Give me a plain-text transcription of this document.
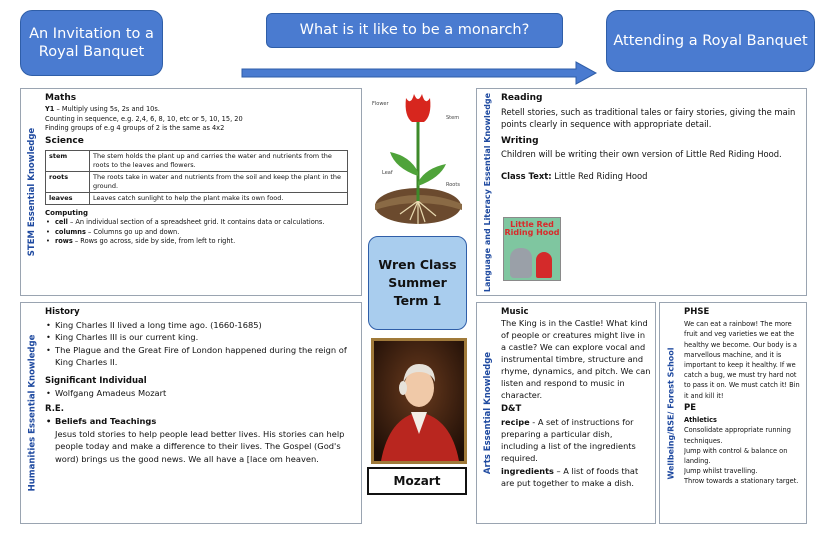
An Invitation to a Royal Banquet
What is it like to be a monarch?
Attending a Royal Banquet
STEM Essential Knowledge
Maths
Y1 – Multiply using 5s, 2s and 10s.
Counting in sequence, e.g. 2,4, 6, 8, 10, etc or 5, 10, 15, 20
Finding groups of e.g 4 groups of 2 is the same as 4x2
Science
stem	The stem holds the plant up and carries the water and nutrients from the roots to the leaves and flowers.
roots	The roots take in water and nutrients from the soil and keep the plant in the ground.
leaves	Leaves catch sunlight to help the plant make its own food.
Computing
• cell – An individual section of a spreadsheet grid. It contains data or calculations.
• columns – Columns go up and down.
• rows – Rows go across, side by side, from left to right.
Flower
Stem
Leaf
Roots
Wren Class
Summer
Term 1
Mozart
Language and Literacy Essential Knowledge Reading
Retell stories, such as traditional tales or fairy stories, giving the main points clearly in sequence with appropriate detail.
Writing
Children will be writing their own version of Little Red Riding Hood.
Class Text: Little Red Riding Hood
Little Red Riding Hood
Humanities Essential Knowledge
History
• King Charles II lived a long time ago. (1660-1685)
• King Charles III is our current king.
• The Plague and the Great Fire of London happened during the reign of King Charles II.
Significant Individual
• Wolfgang Amadeus Mozart
R.E.
• Beliefs and Teachings
Jesus told stories to help people lead better lives. His stories can help people today and make a difference to their lives. The Gospel (God's word) brings us the good news. We all have a [lace om heaven.	Arts Essential Knowledge
Music
The King is in the Castle! What kind of people or creatures might live in a castle? We can explore vocal and instrumental timbre, structure and rhyme, dynamics, and pitch. We can listen and respond to music in character.
D&T
recipe - A set of instructions for preparing a particular dish, including a list of the ingredients required.
ingredients – A list of foods that are put together to make a dish.
Wellbeing/RSE/ Forest School
PHSE
We can eat a rainbow! The more fruit and veg varieties we eat the healthy we become. Our body is a marvellous machine, and it is important to keep it healthy. If we catch a bug, we must try hard not to pass it on. We must catch it! Bin it and kill it!
PE
Athletics
Consolidate appropriate running techniques.
Jump with control & balance on landing.
Jump whilst travelling.
Throw towards a stationary target.
